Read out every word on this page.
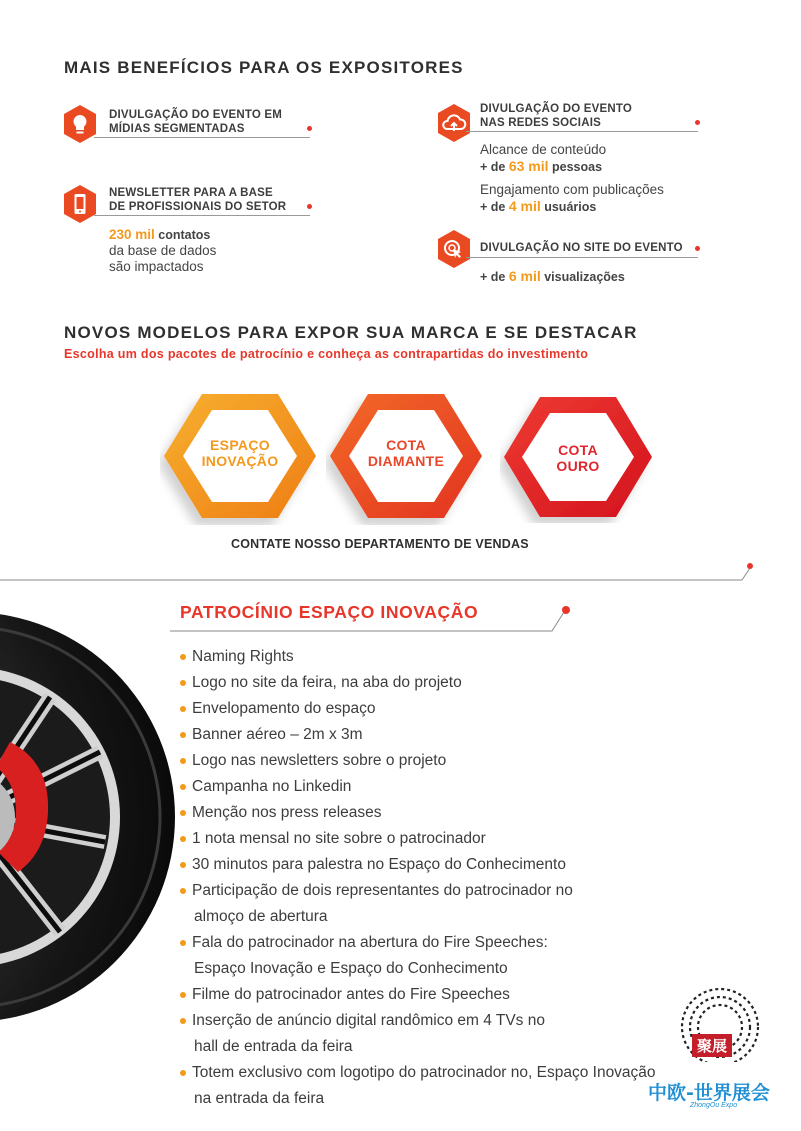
MAIS BENEFÍCIOS PARA OS EXPOSITORES
DIVULGAÇÃO DO EVENTO EM
MÍDIAS SEGMENTADAS
NEWSLETTER PARA A BASE
DE PROFISSIONAIS DO SETOR
230 mil contatos
da base de dados
são impactados
DIVULGAÇÃO DO EVENTO
NAS REDES SOCIAIS
Alcance de conteúdo
+ de 63 mil pessoas
Engajamento com publicações
+ de 4 mil usuários
DIVULGAÇÃO NO SITE DO EVENTO
+ de 6 mil visualizações
NOVOS MODELOS PARA EXPOR SUA MARCA E SE DESTACAR
Escolha um dos pacotes de patrocínio e conheça as contrapartidas do investimento
ESPAÇO
INOVAÇÃO
COTA
DIAMANTE
COTA
OURO
CONTATE NOSSO DEPARTAMENTO DE VENDAS
PATROCÍNIO ESPAÇO INOVAÇÃO
Naming Rights
Logo no site da feira, na aba do projeto
Envelopamento do espaço
Banner aéreo – 2m x 3m
Logo nas newsletters sobre o projeto
Campanha no Linkedin
Menção nos press releases
1 nota mensal no site sobre o patrocinador
30 minutos para palestra no Espaço do Conhecimento
Participação de dois representantes do patrocinador no
almoço de abertura
Fala do patrocinador na abertura do Fire Speeches:
Espaço Inovação e Espaço do Conhecimento
Filme do patrocinador antes do Fire Speeches
Inserção de anúncio digital randômico em 4 TVs no
hall de entrada da feira
Totem exclusivo com logotipo do patrocinador no, Espaço Inovação
na entrada da feira
聚展
中欧-世界展会
ZhongOu Expo
